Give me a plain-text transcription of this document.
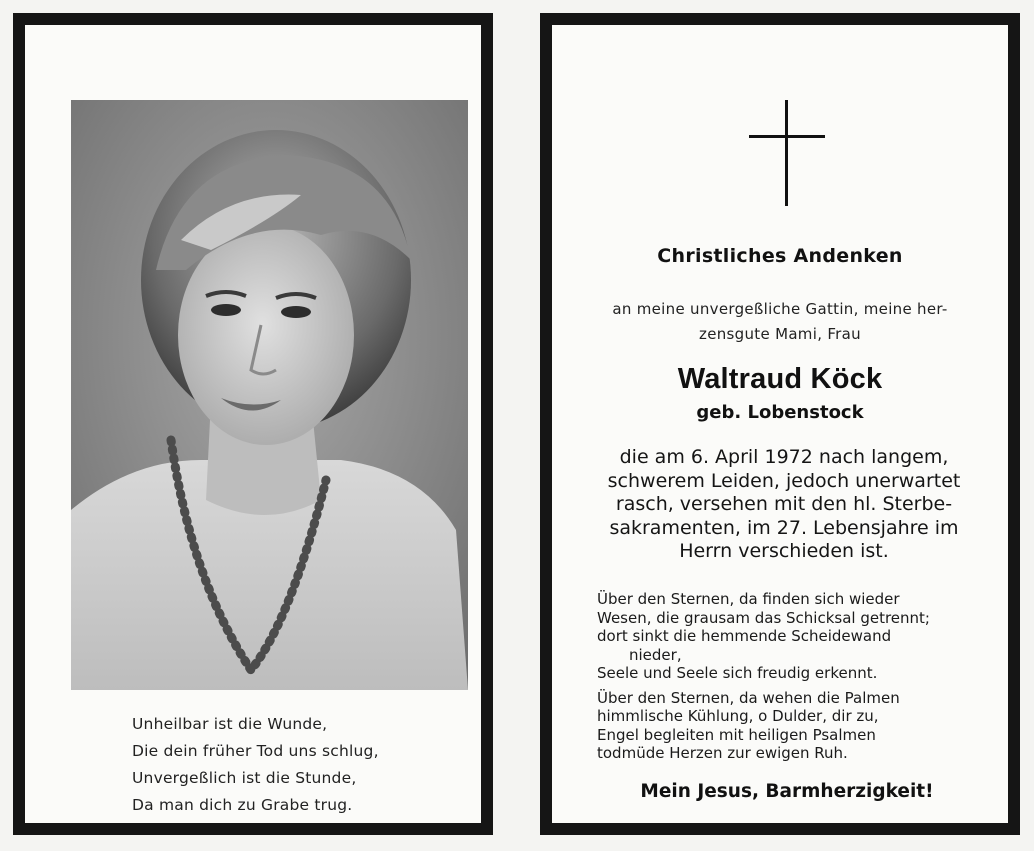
Unheilbar ist die Wunde,
Die dein früher Tod uns schlug,
Unvergeßlich ist die Stunde,
Da man dich zu Grabe trug.
Christliches Andenken
an meine unvergeßliche Gattin, meine her-
zensgute Mami, Frau
Waltraud Köck
geb. Lobenstock
die am 6. April 1972 nach langem,
schwerem Leiden, jedoch unerwartet
rasch, versehen mit den hl. Sterbe-
sakramenten, im 27. Lebensjahre im
Herrn verschieden ist.
Über den Sternen, da finden sich wieder
Wesen, die grausam das Schicksal getrennt;
dort sinkt die hemmende Scheidewand
nieder,
Seele und Seele sich freudig erkennt.
Über den Sternen, da wehen die Palmen
himmlische Kühlung, o Dulder, dir zu,
Engel begleiten mit heiligen Psalmen
todmüde Herzen zur ewigen Ruh.
Mein Jesus, Barmherzigkeit!
